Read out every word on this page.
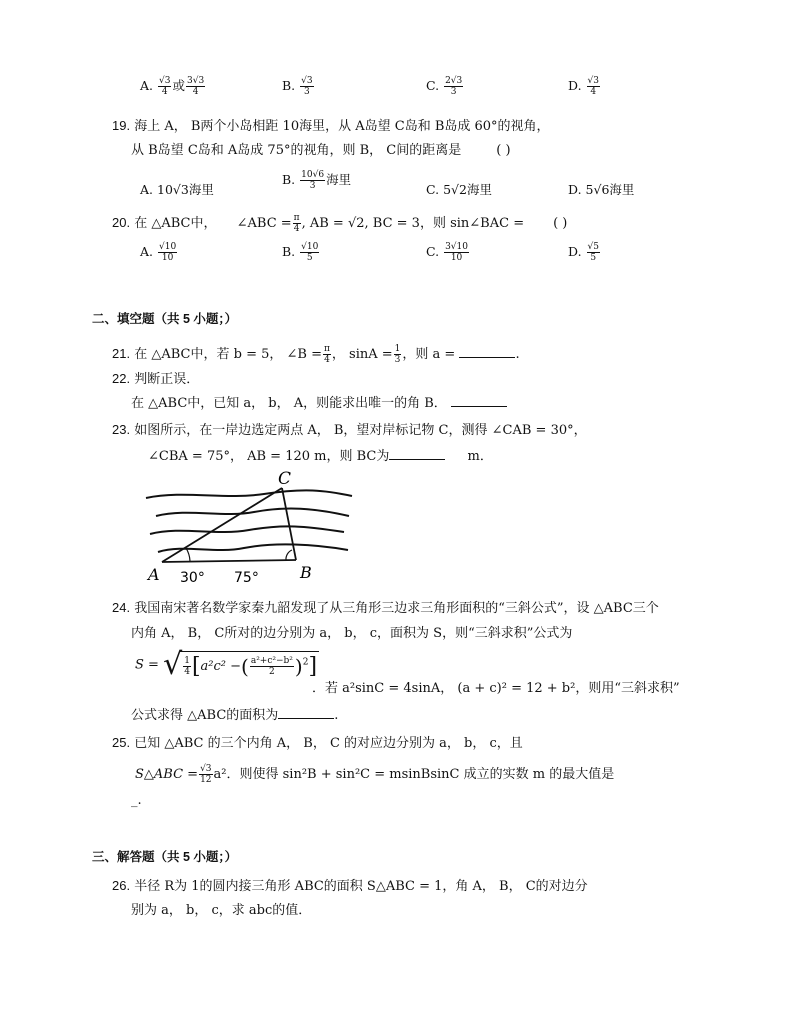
A. $\frac{√3}{4}$ 或 $\frac{3√3}{4}$	B. $\frac{√3}{3}$	C. $\frac{2√3}{3}$	D. $\frac{√3}{4}$
19. 海上 A， B两个小岛相距 10海里，从 A岛望 C岛和 B岛成 60°的视角，
从 B岛望 C岛和 A岛成 75°的视角，则 B， C间的距离是	( )
A. 10√3海里
B. $\frac{10√6}{3}$ 海里
C. 5√2海里	D. 5√6海里
20. 在 △ABC中， ∠ABC = $\frac{\pi}{4}$ , AB = √2, BC = 3，则 sin∠BAC = ( )
A. $\frac{√10}{10}$	B. $\frac{√10}{5}$	C. $\frac{3√10}{10}$	D. $\frac{√5}{5}$
二、填空题（共 5 小题；）
21. 在 △ABC中，若 b = 5， ∠B = $\frac{\pi}{4}$ ， $\sin A = \frac{1}{3}$ ，则 a =	.
22. 判断正误．
在 △ABC中，已知 a， b， A，则能求出唯一的角 B．
23. 如图所示，在一岸边选定两点 A， B，望对岸标记物 C，测得 ∠CAB = 30°，
∠CBA = 75°， AB = 120 m，则 BC为	m．
C
A	B
30° 75°
24. 我国南宋著名数学家秦九韶发现了从三角形三边求三角形面积的“三斜公式”，设 △ABC三个
内角 A， B， C所对的边分别为 a， b， c，面积为 S，则“三斜求积”公式为
S = √ $\frac{1}{4} [a^2c^2$ −( $\frac{\text{a²+c²−b²}}{2} )^2$]
．若 a²sinC = 4sinA， (a + c)² = 12 + b²，则用“三斜求积”
公式求得 △ABC的面积为	.
25. 已知 △ABC 的三个内角 A， B， C 的对应边分别为 a， b， c，且
S△ABC = $\frac{√3}{12} a^2$．则使得 sin²B + sin²C = msinBsinC 成立的实数 m 的最大值是
_.
三、解答题（共 5 小题；）
26. 半径 R为 1的圆内接三角形 ABC的面积 S△ABC = 1，角 A， B， C的对边分
别为 a， b， c，求 abc的值．
